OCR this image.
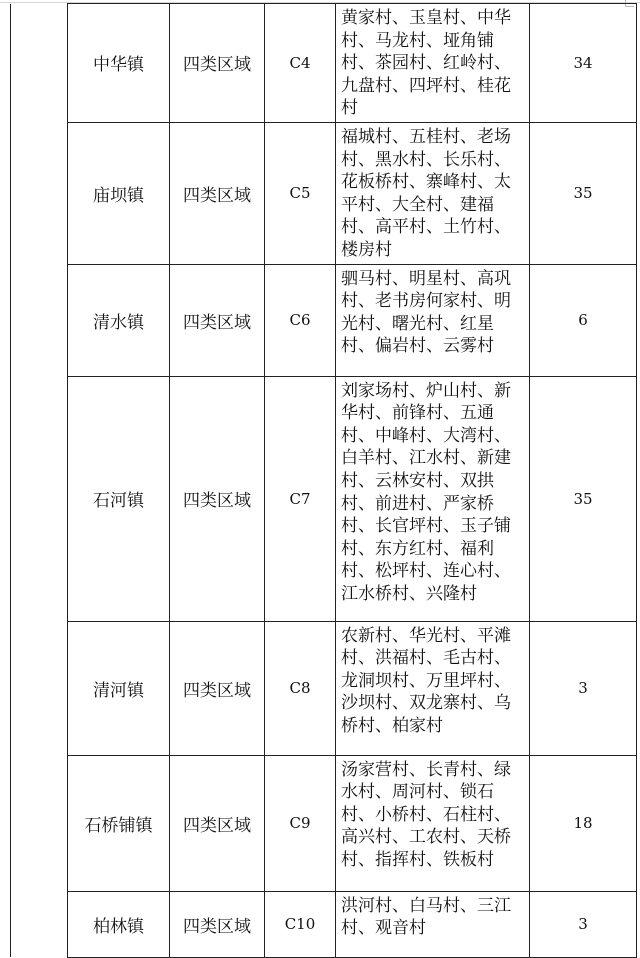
	中华镇	四类区域	C4	黄家村、玉皇村、中华村、马龙村、垭角铺村、茶园村、红岭村、九盘村、四坪村、桂花村	34
	庙坝镇	四类区域	C5	福城村、五桂村、老场村、黑水村、长乐村、花板桥村、寨峰村、太平村、大全村、建福村、高平村、土竹村、楼房村	35
	清水镇	四类区域	C6	驷马村、明星村、高巩村、老书房何家村、明光村、曙光村、红星村、偏岩村、云雾村	6
	石河镇	四类区域	C7	刘家场村、炉山村、新华村、前锋村、五通村、中峰村、大湾村、白羊村、江水村、新建村、云林安村、双拱村、前进村、严家桥村、长官坪村、玉子铺村、东方红村、福利村、松坪村、连心村、江水桥村、兴隆村	35
	清河镇	四类区域	C8	农新村、华光村、平滩村、洪福村、毛古村、龙洞坝村、万里坪村、沙坝村、双龙寨村、乌桥村、柏家村	3
	石桥铺镇	四类区域	C9	汤家营村、长青村、绿水村、周河村、锁石村、小桥村、石柱村、高兴村、工农村、天桥村、指挥村、铁板村	18
	柏林镇	四类区域	C10	洪河村、白马村、三江村、观音村	3
